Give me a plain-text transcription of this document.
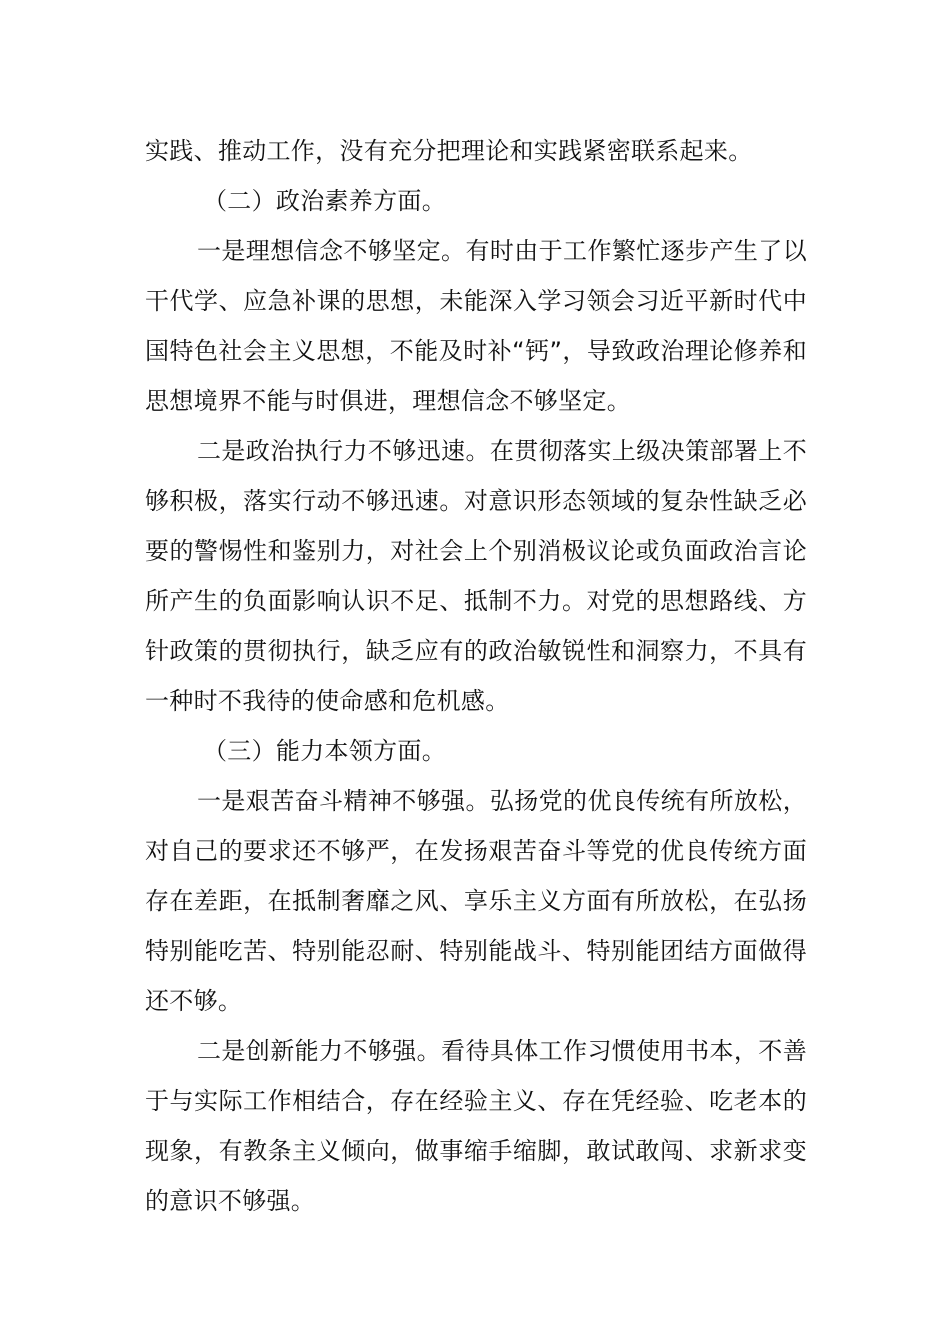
实践、推动工作，没有充分把理论和实践紧密联系起来。

（二）政治素养方面。

一是理想信念不够坚定。有时由于工作繁忙逐步产生了以干代学、应急补课的思想，未能深入学习领会习近平新时代中国特色社会主义思想，不能及时补“钙”，导致政治理论修养和思想境界不能与时俱进，理想信念不够坚定。

二是政治执行力不够迅速。在贯彻落实上级决策部署上不够积极，落实行动不够迅速。对意识形态领域的复杂性缺乏必要的警惕性和鉴别力，对社会上个别消极议论或负面政治言论所产生的负面影响认识不足、抵制不力。对党的思想路线、方针政策的贯彻执行，缺乏应有的政治敏锐性和洞察力，不具有一种时不我待的使命感和危机感。

（三）能力本领方面。

一是艰苦奋斗精神不够强。弘扬党的优良传统有所放松，对自己的要求还不够严，在发扬艰苦奋斗等党的优良传统方面存在差距，在抵制奢靡之风、享乐主义方面有所放松，在弘扬特别能吃苦、特别能忍耐、特别能战斗、特别能团结方面做得还不够。

二是创新能力不够强。看待具体工作习惯使用书本，不善于与实际工作相结合，存在经验主义、存在凭经验、吃老本的现象，有教条主义倾向，做事缩手缩脚，敢试敢闯、求新求变的意识不够强。
